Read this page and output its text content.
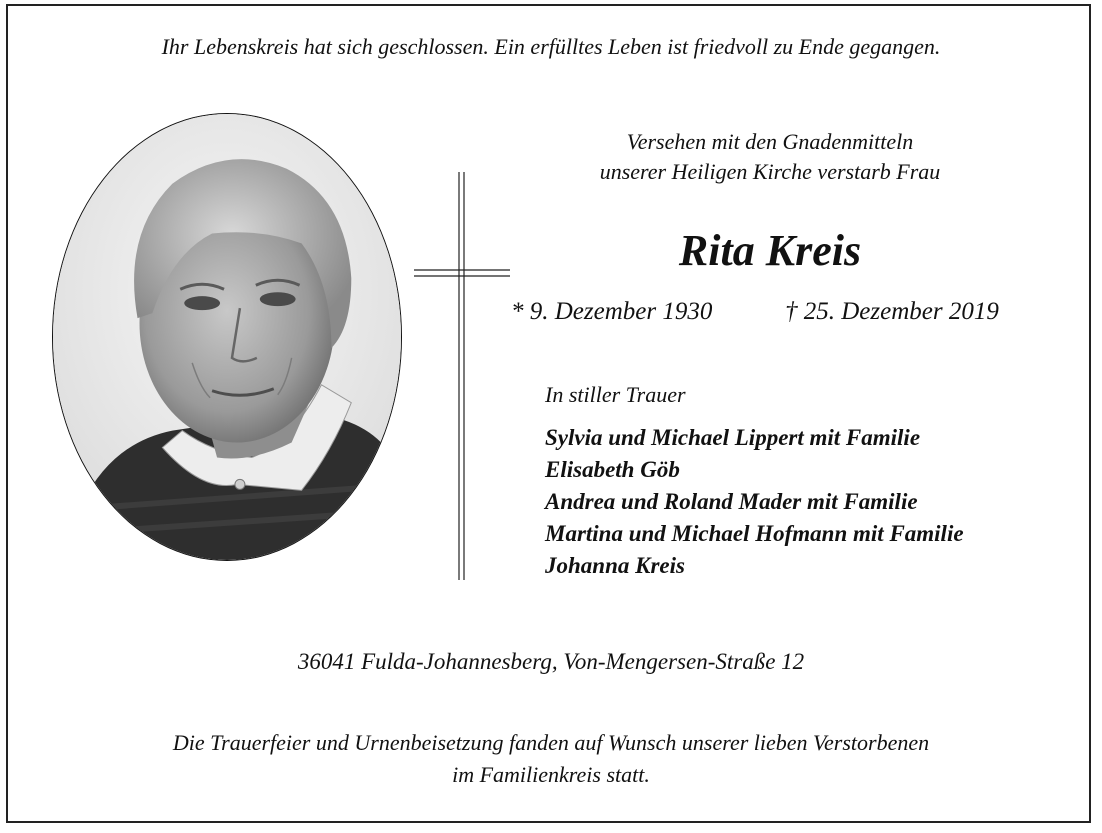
Ihr Lebenskreis hat sich geschlossen. Ein erfülltes Leben ist friedvoll zu Ende gegangen.
Versehen mit den Gnadenmitteln
unserer Heiligen Kirche verstarb Frau
Rita Kreis
* 9. Dezember 1930	† 25. Dezember 2019
In stiller Trauer
Sylvia und Michael Lippert mit Familie
Elisabeth Göb
Andrea und Roland Mader mit Familie
Martina und Michael Hofmann mit Familie
Johanna Kreis
36041 Fulda-Johannesberg, Von-Mengersen-Straße 12
Die Trauerfeier und Urnenbeisetzung fanden auf Wunsch unserer lieben Verstorbenen
im Familienkreis statt.
